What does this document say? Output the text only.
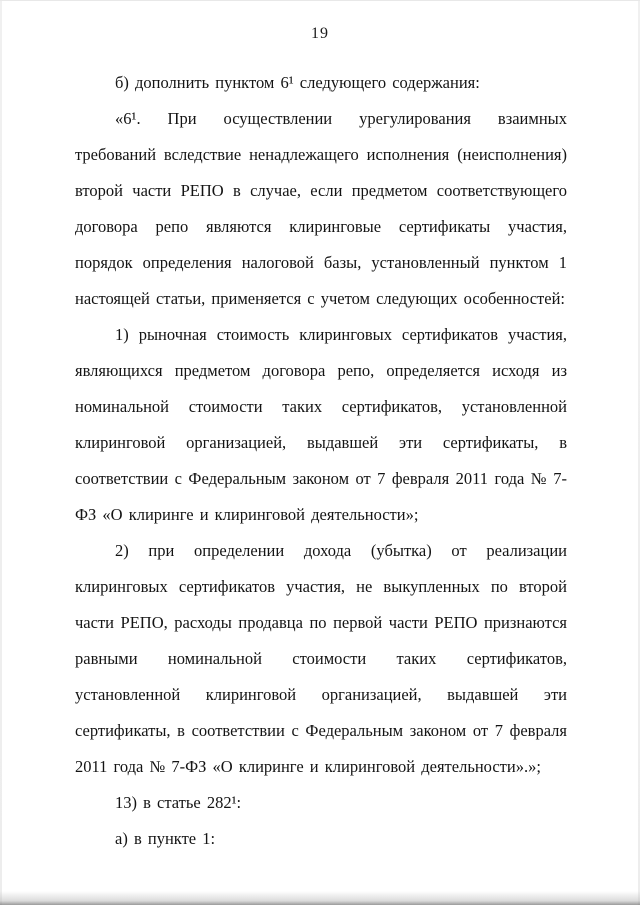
19

б) дополнить пунктом 6¹ следующего содержания:

«6¹. При осуществлении урегулирования взаимных требований вследствие ненадлежащего исполнения (неисполнения) второй части РЕПО в случае, если предметом соответствующего договора репо являются клиринговые сертификаты участия, порядок определения налоговой базы, установленный пунктом 1 настоящей статьи, применяется с учетом следующих особенностей:

1) рыночная стоимость клиринговых сертификатов участия, являющихся предметом договора репо, определяется исходя из номинальной стоимости таких сертификатов, установленной клиринговой организацией, выдавшей эти сертификаты, в соответствии с Федеральным законом от 7 февраля 2011 года № 7-ФЗ «О клиринге и клиринговой деятельности»;

2) при определении дохода (убытка) от реализации клиринговых сертификатов участия, не выкупленных по второй части РЕПО, расходы продавца по первой части РЕПО признаются равными номинальной стоимости таких сертификатов, установленной клиринговой организацией, выдавшей эти сертификаты, в соответствии с Федеральным законом от 7 февраля 2011 года № 7-ФЗ «О клиринге и клиринговой деятельности».»;

13) в статье 282¹:

а) в пункте 1:
